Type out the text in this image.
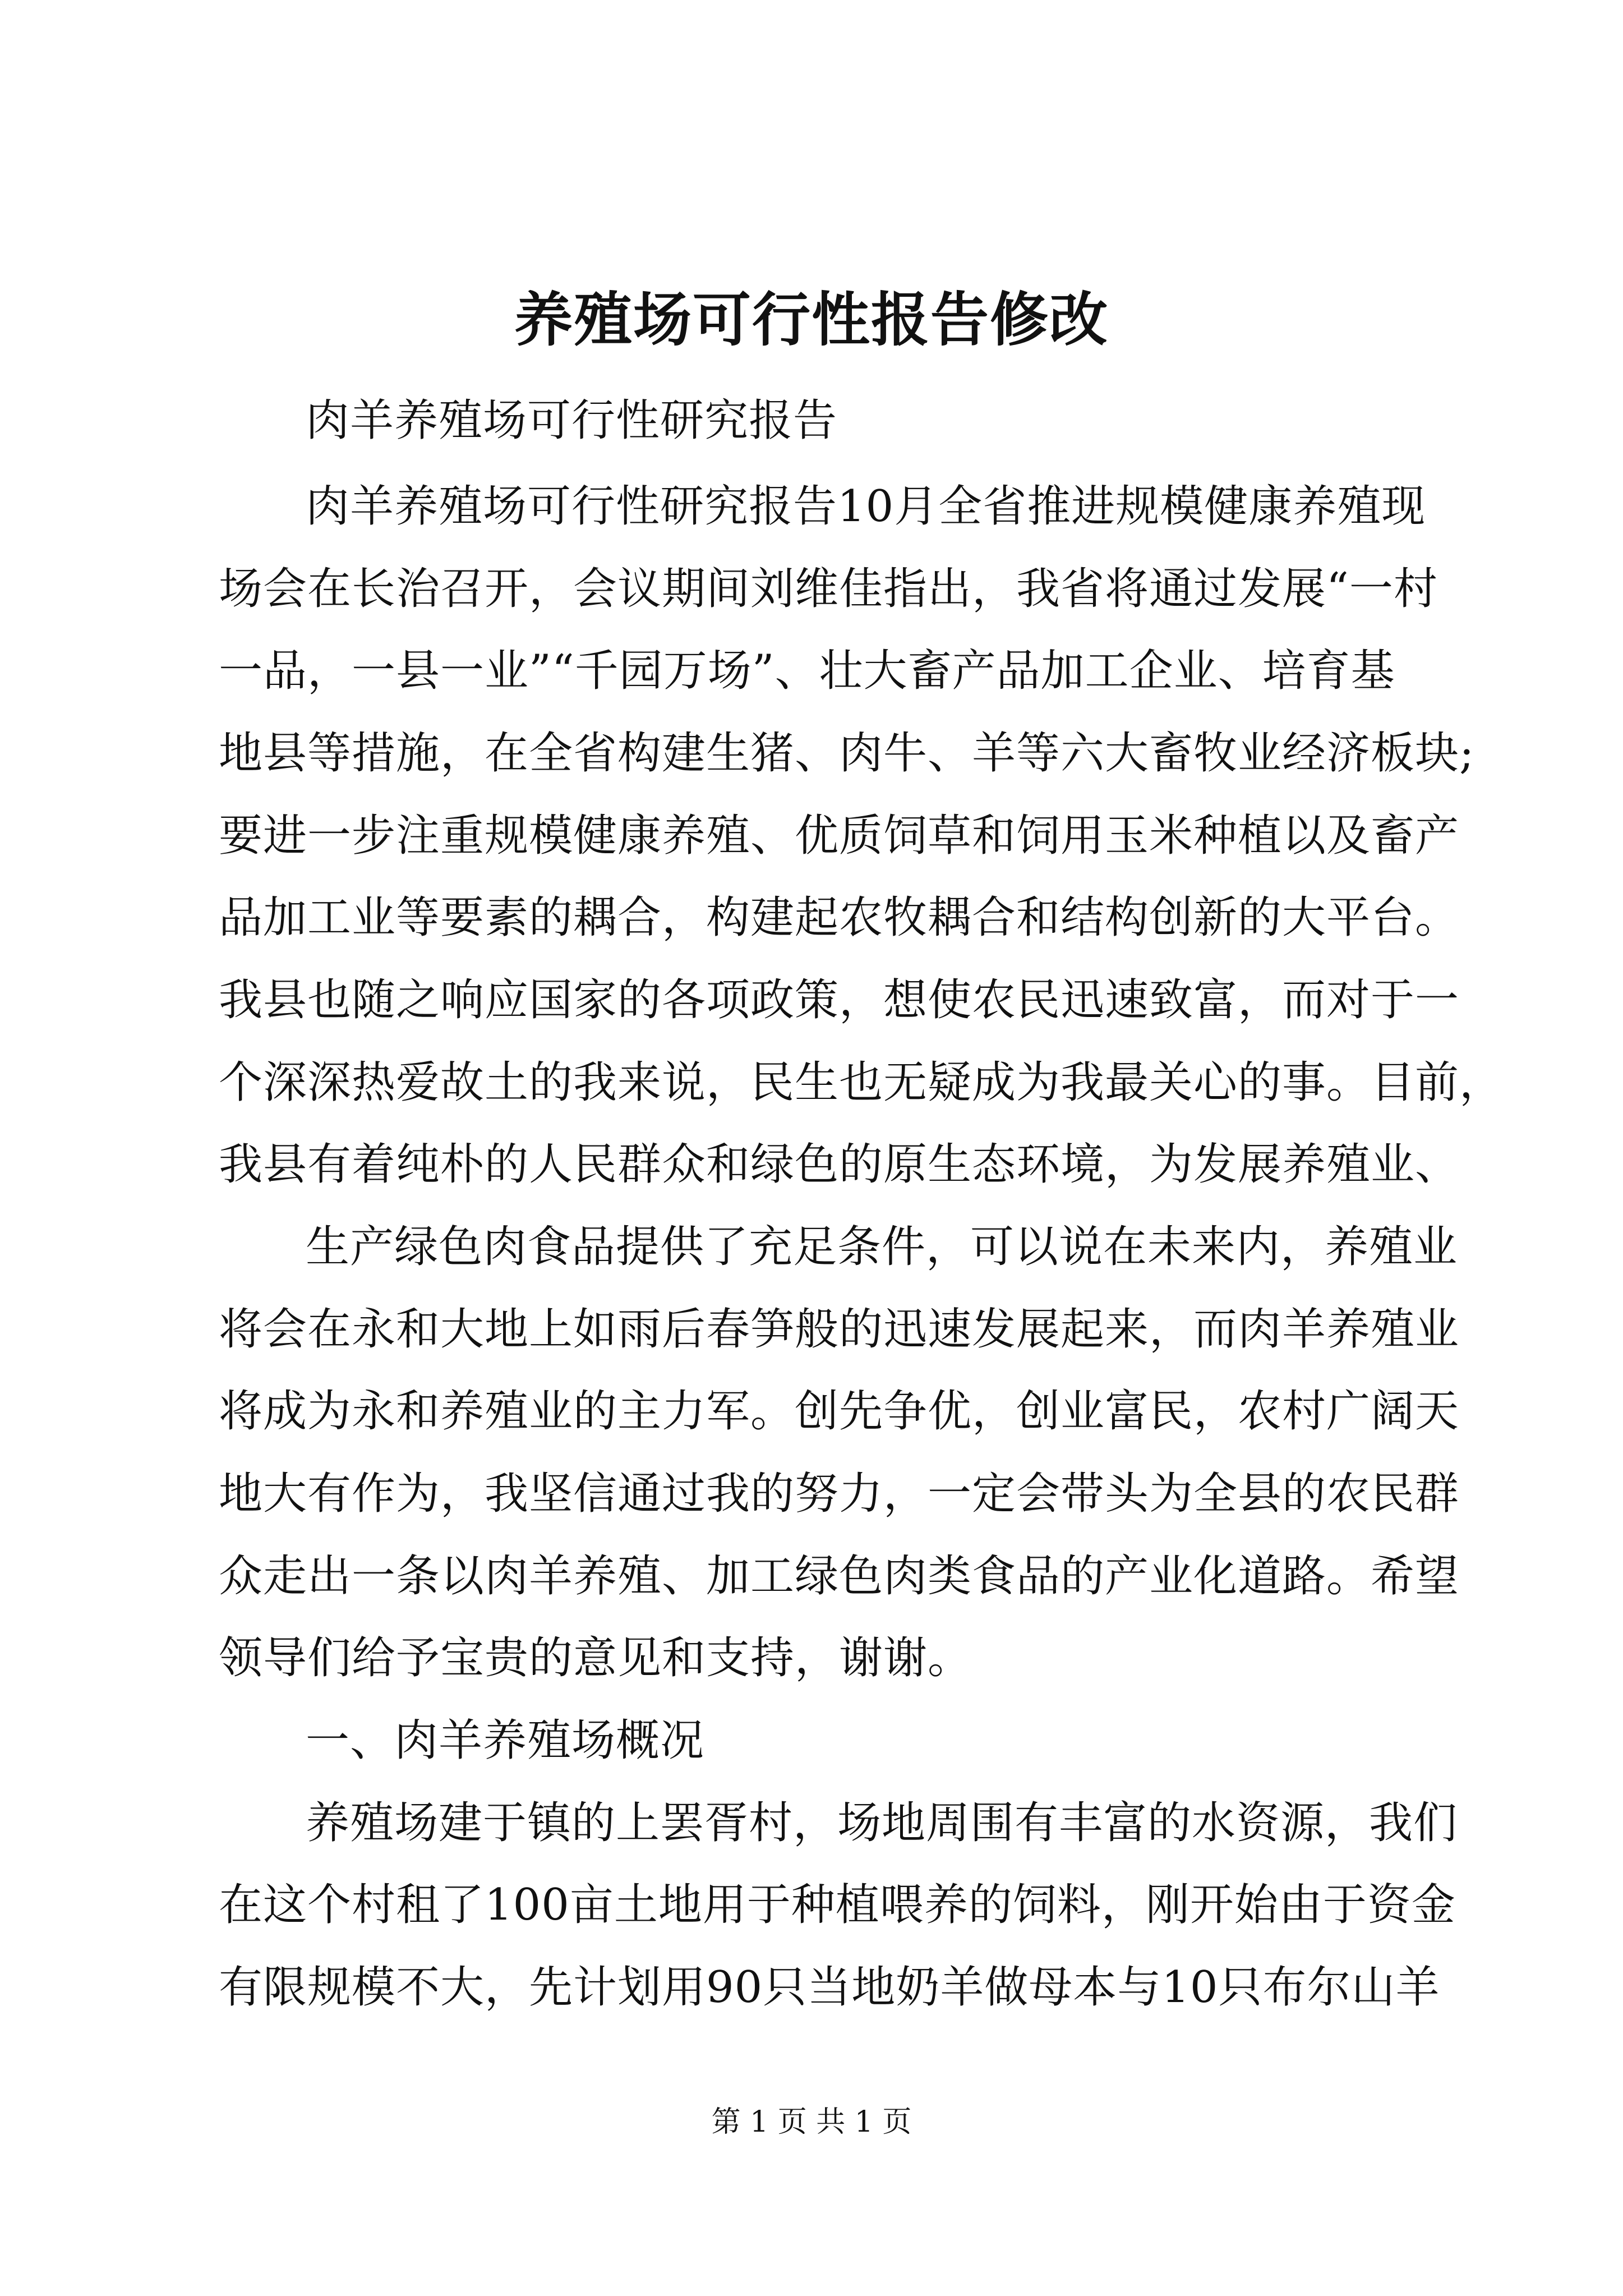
养殖场可行性报告修改
肉羊养殖场可行性研究报告
肉羊养殖场可行性研究报告10月全省推进规模健康养殖现
场会在长治召开，会议期间刘维佳指出，我省将通过发展“一村
一品，一县一业”“千园万场”、壮大畜产品加工企业、培育基
地县等措施，在全省构建生猪、肉牛、羊等六大畜牧业经济板块;
要进一步注重规模健康养殖、优质饲草和饲用玉米种植以及畜产
品加工业等要素的耦合，构建起农牧耦合和结构创新的大平台。
我县也随之响应国家的各项政策，想使农民迅速致富，而对于一
个深深热爱故土的我来说，民生也无疑成为我最关心的事。目前，
我县有着纯朴的人民群众和绿色的原生态环境，为发展养殖业、
生产绿色肉食品提供了充足条件，可以说在未来内，养殖业
将会在永和大地上如雨后春笋般的迅速发展起来，而肉羊养殖业
将成为永和养殖业的主力军。创先争优，创业富民，农村广阔天
地大有作为，我坚信通过我的努力，一定会带头为全县的农民群
众走出一条以肉羊养殖、加工绿色肉类食品的产业化道路。希望
领导们给予宝贵的意见和支持，谢谢。
一、肉羊养殖场概况
养殖场建于镇的上罢胥村，场地周围有丰富的水资源，我们
在这个村租了100亩土地用于种植喂养的饲料，刚开始由于资金
有限规模不大，先计划用90只当地奶羊做母本与10只布尔山羊
第 1 页 共 1 页
